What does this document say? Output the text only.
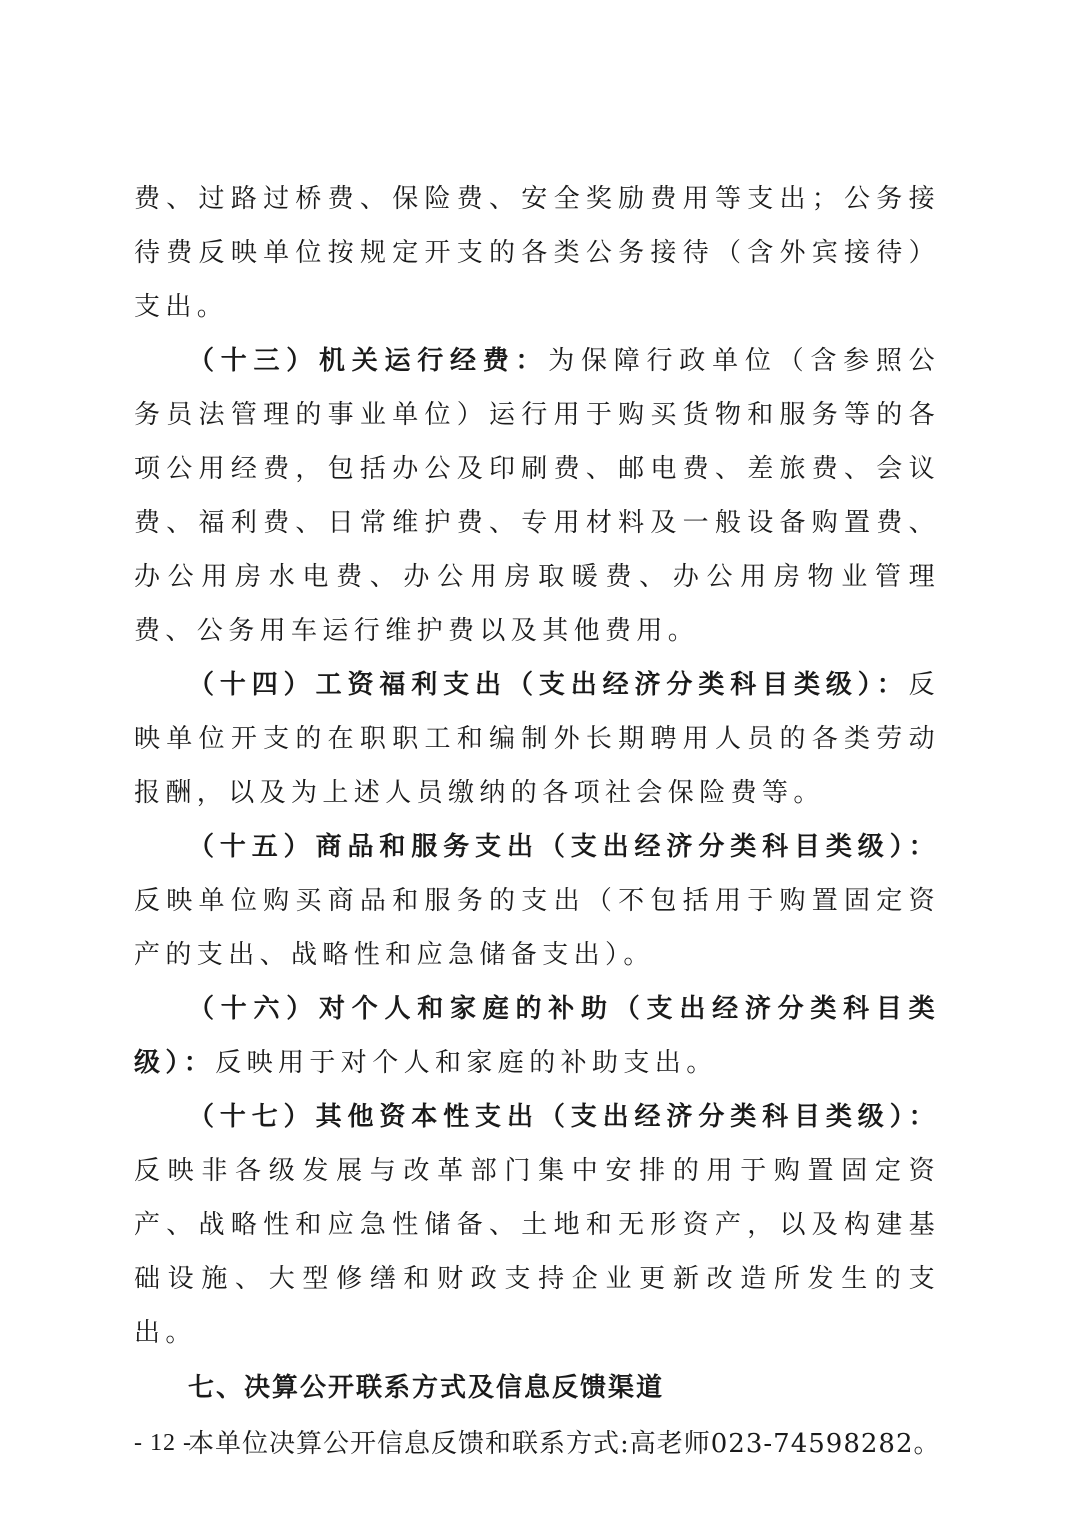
费、过路过桥费、保险费、安全奖励费用等支出；公务接待费反映单位按规定开支的各类公务接待（含外宾接待）支出。

（十三）机关运行经费：为保障行政单位（含参照公务员法管理的事业单位）运行用于购买货物和服务等的各项公用经费，包括办公及印刷费、邮电费、差旅费、会议费、福利费、日常维护费、专用材料及一般设备购置费、办公用房水电费、办公用房取暖费、办公用房物业管理费、公务用车运行维护费以及其他费用。

（十四）工资福利支出（支出经济分类科目类级）：反映单位开支的在职职工和编制外长期聘用人员的各类劳动报酬，以及为上述人员缴纳的各项社会保险费等。

（十五）商品和服务支出（支出经济分类科目类级）：反映单位购买商品和服务的支出（不包括用于购置固定资产的支出、战略性和应急储备支出）。

（十六）对个人和家庭的补助（支出经济分类科目类级）：反映用于对个人和家庭的补助支出。

（十七）其他资本性支出（支出经济分类科目类级）：反映非各级发展与改革部门集中安排的用于购置固定资产、战略性和应急性储备、土地和无形资产，以及构建基础设施、大型修缮和财政支持企业更新改造所发生的支出。

七、决算公开联系方式及信息反馈渠道

本单位决算公开信息反馈和联系方式:高老师023-74598282。

- 12 -
